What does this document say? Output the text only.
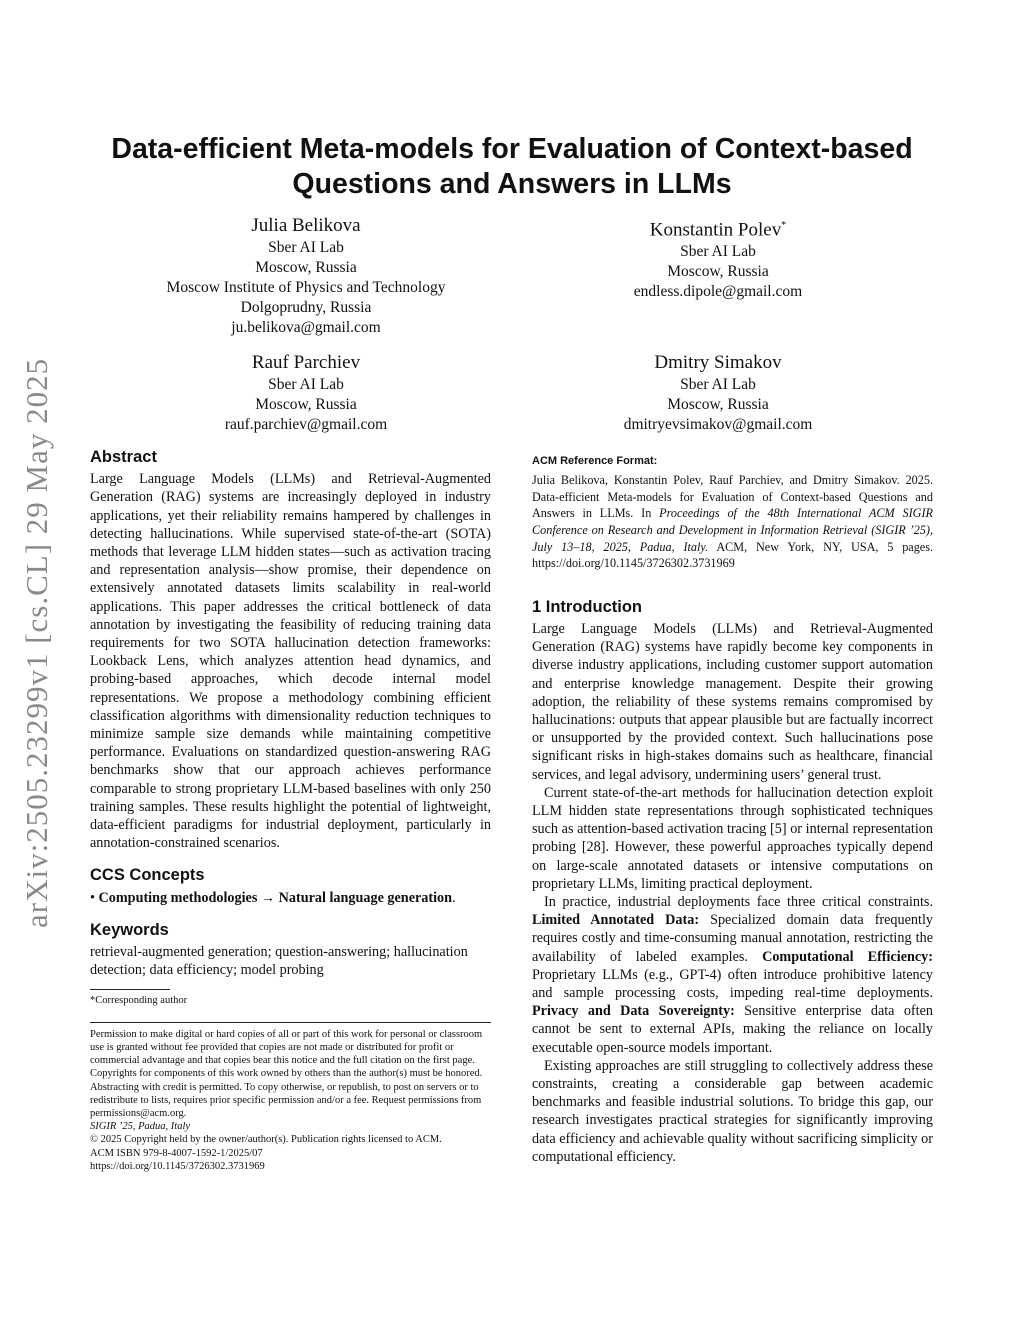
arXiv:2505.23299v1 [cs.CL] 29 May 2025
Data-efficient Meta-models for Evaluation of Context-based Questions and Answers in LLMs
Julia Belikova
Sber AI Lab
Moscow, Russia
Moscow Institute of Physics and Technology
Dolgoprudny, Russia
ju.belikova@gmail.com
Konstantin Polev*
Sber AI Lab
Moscow, Russia
endless.dipole@gmail.com
Rauf Parchiev
Sber AI Lab
Moscow, Russia
rauf.parchiev@gmail.com
Dmitry Simakov
Sber AI Lab
Moscow, Russia
dmitryevsimakov@gmail.com
Abstract

Large Language Models (LLMs) and Retrieval-Augmented Generation (RAG) systems are increasingly deployed in industry applications, yet their reliability remains hampered by challenges in detecting hallucinations. While supervised state-of-the-art (SOTA) methods that leverage LLM hidden states—such as activation tracing and representation analysis—show promise, their dependence on extensively annotated datasets limits scalability in real-world applications. This paper addresses the critical bottleneck of data annotation by investigating the feasibility of reducing training data requirements for two SOTA hallucination detection frameworks: Lookback Lens, which analyzes attention head dynamics, and probing-based approaches, which decode internal model representations. We propose a methodology combining efficient classification algorithms with dimensionality reduction techniques to minimize sample size demands while maintaining competitive performance. Evaluations on standardized question-answering RAG benchmarks show that our approach achieves performance comparable to strong proprietary LLM-based baselines with only 250 training samples. These results highlight the potential of lightweight, data-efficient paradigms for industrial deployment, particularly in annotation-constrained scenarios.

CCS Concepts

• Computing methodologies → Natural language generation.

Keywords

retrieval-augmented generation; question-answering; hallucination detection; data efficiency; model probing

*Corresponding author

Permission to make digital or hard copies of all or part of this work for personal or classroom use is granted without fee provided that copies are not made or distributed for profit or commercial advantage and that copies bear this notice and the full citation on the first page. Copyrights for components of this work owned by others than the author(s) must be honored. Abstracting with credit is permitted. To copy otherwise, or republish, to post on servers or to redistribute to lists, requires prior specific permission and/or a fee. Request permissions from permissions@acm.org.

SIGIR ’25, Padua, Italy

© 2025 Copyright held by the owner/author(s). Publication rights licensed to ACM.

ACM ISBN 979-8-4007-1592-1/2025/07

https://doi.org/10.1145/3726302.3731969

ACM Reference Format:

Julia Belikova, Konstantin Polev, Rauf Parchiev, and Dmitry Simakov. 2025. Data-efficient Meta-models for Evaluation of Context-based Questions and Answers in LLMs. In Proceedings of the 48th International ACM SIGIR Conference on Research and Development in Information Retrieval (SIGIR ’25), July 13–18, 2025, Padua, Italy. ACM, New York, NY, USA, 5 pages. https://doi.org/10.1145/3726302.3731969

1 Introduction

Large Language Models (LLMs) and Retrieval-Augmented Generation (RAG) systems have rapidly become key components in diverse industry applications, including customer support automation and enterprise knowledge management. Despite their growing adoption, the reliability of these systems remains compromised by hallucinations: outputs that appear plausible but are factually incorrect or unsupported by the provided context. Such hallucinations pose significant risks in high-stakes domains such as healthcare, financial services, and legal advisory, undermining users’ general trust.

Current state-of-the-art methods for hallucination detection exploit LLM hidden state representations through sophisticated techniques such as attention-based activation tracing [5] or internal representation probing [28]. However, these powerful approaches typically depend on large-scale annotated datasets or intensive computations on proprietary LLMs, limiting practical deployment.

In practice, industrial deployments face three critical constraints. Limited Annotated Data: Specialized domain data frequently requires costly and time-consuming manual annotation, restricting the availability of labeled examples. Computational Efficiency: Proprietary LLMs (e.g., GPT-4) often introduce prohibitive latency and sample processing costs, impeding real-time deployments. Privacy and Data Sovereignty: Sensitive enterprise data often cannot be sent to external APIs, making the reliance on locally executable open-source models important.

Existing approaches are still struggling to collectively address these constraints, creating a considerable gap between academic benchmarks and feasible industrial solutions. To bridge this gap, our research investigates practical strategies for significantly improving data efficiency and achievable quality without sacrificing simplicity or computational efficiency.
